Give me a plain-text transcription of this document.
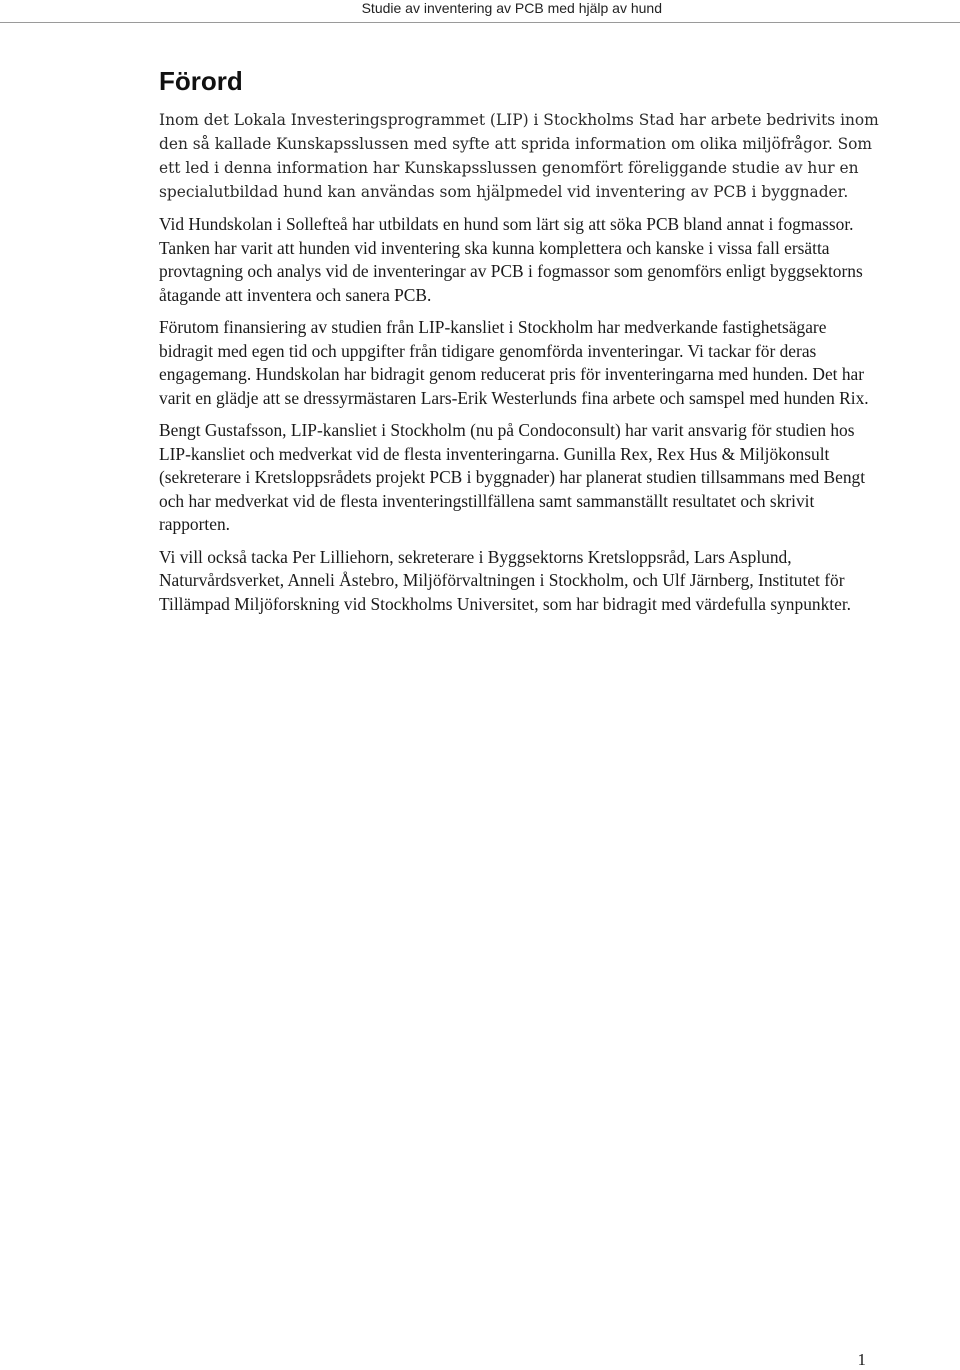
Studie av inventering av PCB med hjälp av hund
Förord

Inom det Lokala Investeringsprogrammet (LIP) i Stockholms Stad har arbete bedrivits inom den så kallade Kunskapsslussen med syfte att sprida information om olika miljöfrågor. Som ett led i denna information har Kunskapsslussen genomfört föreliggande studie av hur en specialutbildad hund kan användas som hjälpmedel vid inventering av PCB i byggnader.

Vid Hundskolan i Sollefteå har utbildats en hund som lärt sig att söka PCB bland annat i fogmassor. Tanken har varit att hunden vid inventering ska kunna komplettera och kanske i vissa fall ersätta provtagning och analys vid de inventeringar av PCB i fogmassor som genomförs enligt byggsektorns åtagande att inventera och sanera PCB.

Förutom finansiering av studien från LIP-kansliet i Stockholm har medverkande fastighetsägare bidragit med egen tid och uppgifter från tidigare genomförda inventeringar. Vi tackar för deras engagemang. Hundskolan har bidragit genom reducerat pris för inventeringarna med hunden. Det har varit en glädje att se dressyrmästaren Lars-Erik Westerlunds fina arbete och samspel med hunden Rix.

Bengt Gustafsson, LIP-kansliet i Stockholm (nu på Condoconsult) har varit ansvarig för studien hos LIP-kansliet och medverkat vid de flesta inventeringarna. Gunilla Rex, Rex Hus & Miljökonsult (sekreterare i Kretsloppsrådets projekt PCB i byggnader) har planerat studien tillsammans med Bengt och har medverkat vid de flesta inventeringstillfällena samt sammanställt resultatet och skrivit rapporten.

Vi vill också tacka Per Lilliehorn, sekreterare i Byggsektorns Kretsloppsråd, Lars Asplund, Naturvårdsverket, Anneli Åstebro, Miljöförvaltningen i Stockholm, och Ulf Järnberg, Institutet för Tillämpad Miljöforskning vid Stockholms Universitet, som har bidragit med värdefulla synpunkter.

1
